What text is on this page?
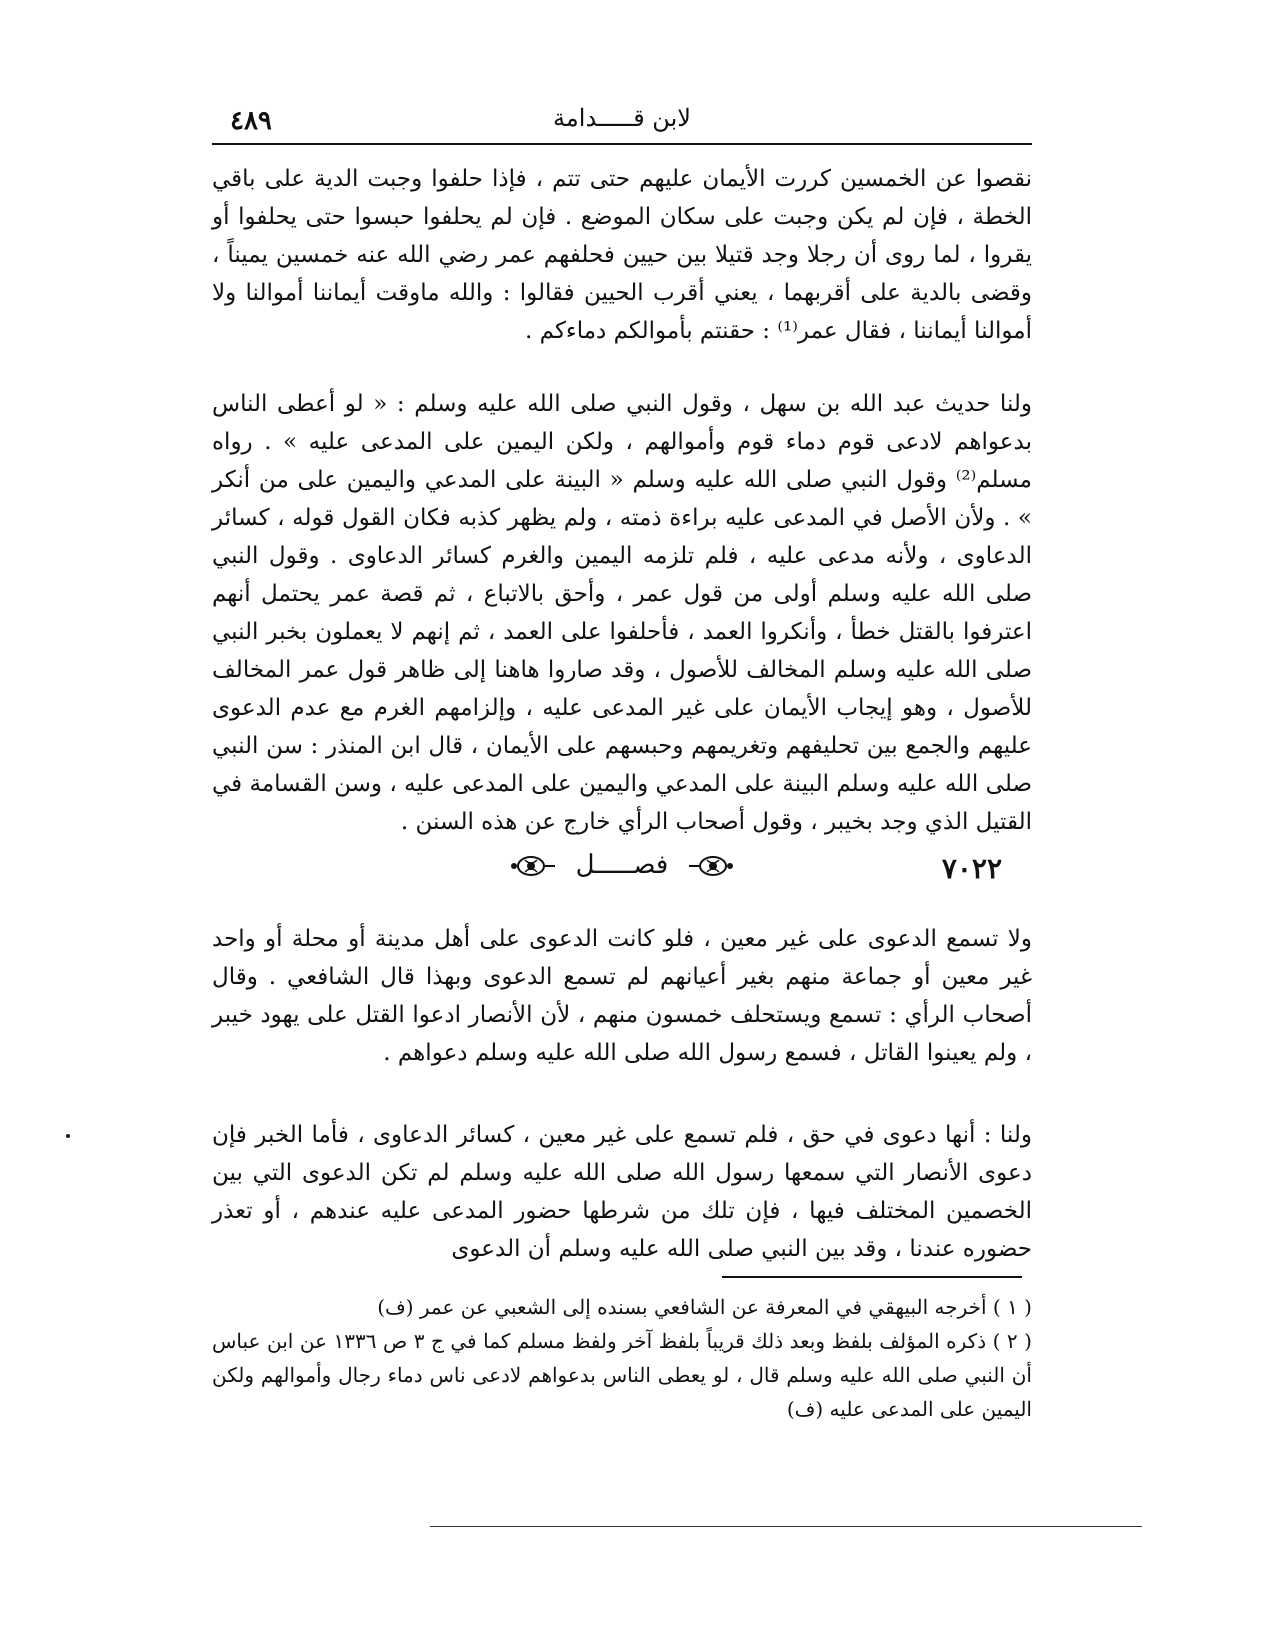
٤٨٩	لابن قـــــدامة

نقصوا عن الخمسين كررت الأيمان عليهم حتى تتم ، فإذا حلفوا وجبت الدية على باقي الخطة ، فإن لم يكن وجبت على سكان الموضع . فإن لم يحلفوا حبسوا حتى يحلفوا أو يقروا ، لما روى أن رجلا وجد قتيلا بين حيين فحلفهم عمر رضي الله عنه خمسين يميناً ، وقضى بالدية على أقربهما ، يعني أقرب الحيين فقالوا : والله ماوقت أيماننا أموالنا ولا أموالنا أيماننا ، فقال عمر⁽¹⁾ : حقنتم بأموالكم دماءكم .

ولنا حديث عبد الله بن سهل ، وقول النبي صلى الله عليه وسلم : « لو أعطى الناس بدعواهم لادعى قوم دماء قوم وأموالهم ، ولكن اليمين على المدعى عليه » . رواه مسلم⁽²⁾ وقول النبي صلى الله عليه وسلم « البينة على المدعي واليمين على من أنكر » . ولأن الأصل في المدعى عليه براءة ذمته ، ولم يظهر كذبه فكان القول قوله ، كسائر الدعاوى ، ولأنه مدعى عليه ، فلم تلزمه اليمين والغرم كسائر الدعاوى . وقول النبي صلى الله عليه وسلم أولى من قول عمر ، وأحق بالاتباع ، ثم قصة عمر يحتمل أنهم اعترفوا بالقتل خطأ ، وأنكروا العمد ، فأحلفوا على العمد ، ثم إنهم لا يعملون بخبر النبي صلى الله عليه وسلم المخالف للأصول ، وقد صاروا هاهنا إلى ظاهر قول عمر المخالف للأصول ، وهو إيجاب الأيمان على غير المدعى عليه ، وإلزامهم الغرم مع عدم الدعوى عليهم والجمع بين تحليفهم وتغريمهم وحبسهم على الأيمان ، قال ابن المنذر : سن النبي صلى الله عليه وسلم البينة على المدعي واليمين على المدعى عليه ، وسن القسامة في القتيل الذي وجد بخيبر ، وقول أصحاب الرأي خارج عن هذه السنن .

٧٠٢٢
فصـــــل

ولا تسمع الدعوى على غير معين ، فلو كانت الدعوى على أهل مدينة أو محلة أو واحد غير معين أو جماعة منهم بغير أعيانهم لم تسمع الدعوى وبهذا قال الشافعي . وقال أصحاب الرأي : تسمع ويستحلف خمسون منهم ، لأن الأنصار ادعوا القتل على يهود خيبر ، ولم يعينوا القاتل ، فسمع رسول الله صلى الله عليه وسلم دعواهم .

ولنا : أنها دعوى في حق ، فلم تسمع على غير معين ، كسائر الدعاوى ، فأما الخبر فإن دعوى الأنصار التي سمعها رسول الله صلى الله عليه وسلم لم تكن الدعوى التي بين الخصمين المختلف فيها ، فإن تلك من شرطها حضور المدعى عليه عندهم ، أو تعذر حضوره عندنا ، وقد بين النبي صلى الله عليه وسلم أن الدعوى

( ١ ) أخرجه البيهقي في المعرفة عن الشافعي بسنده إلى الشعبي عن عمر (ف)

( ٢ ) ذكره المؤلف بلفظ وبعد ذلك قريباً بلفظ آخر ولفظ مسلم كما في ج ٣ ص ١٣٣٦ عن ابن عباس أن النبي صلى الله عليه وسلم قال ، لو يعطى الناس بدعواهم لادعى ناس دماء رجال وأموالهم ولكن اليمين على المدعى عليه (ف)
